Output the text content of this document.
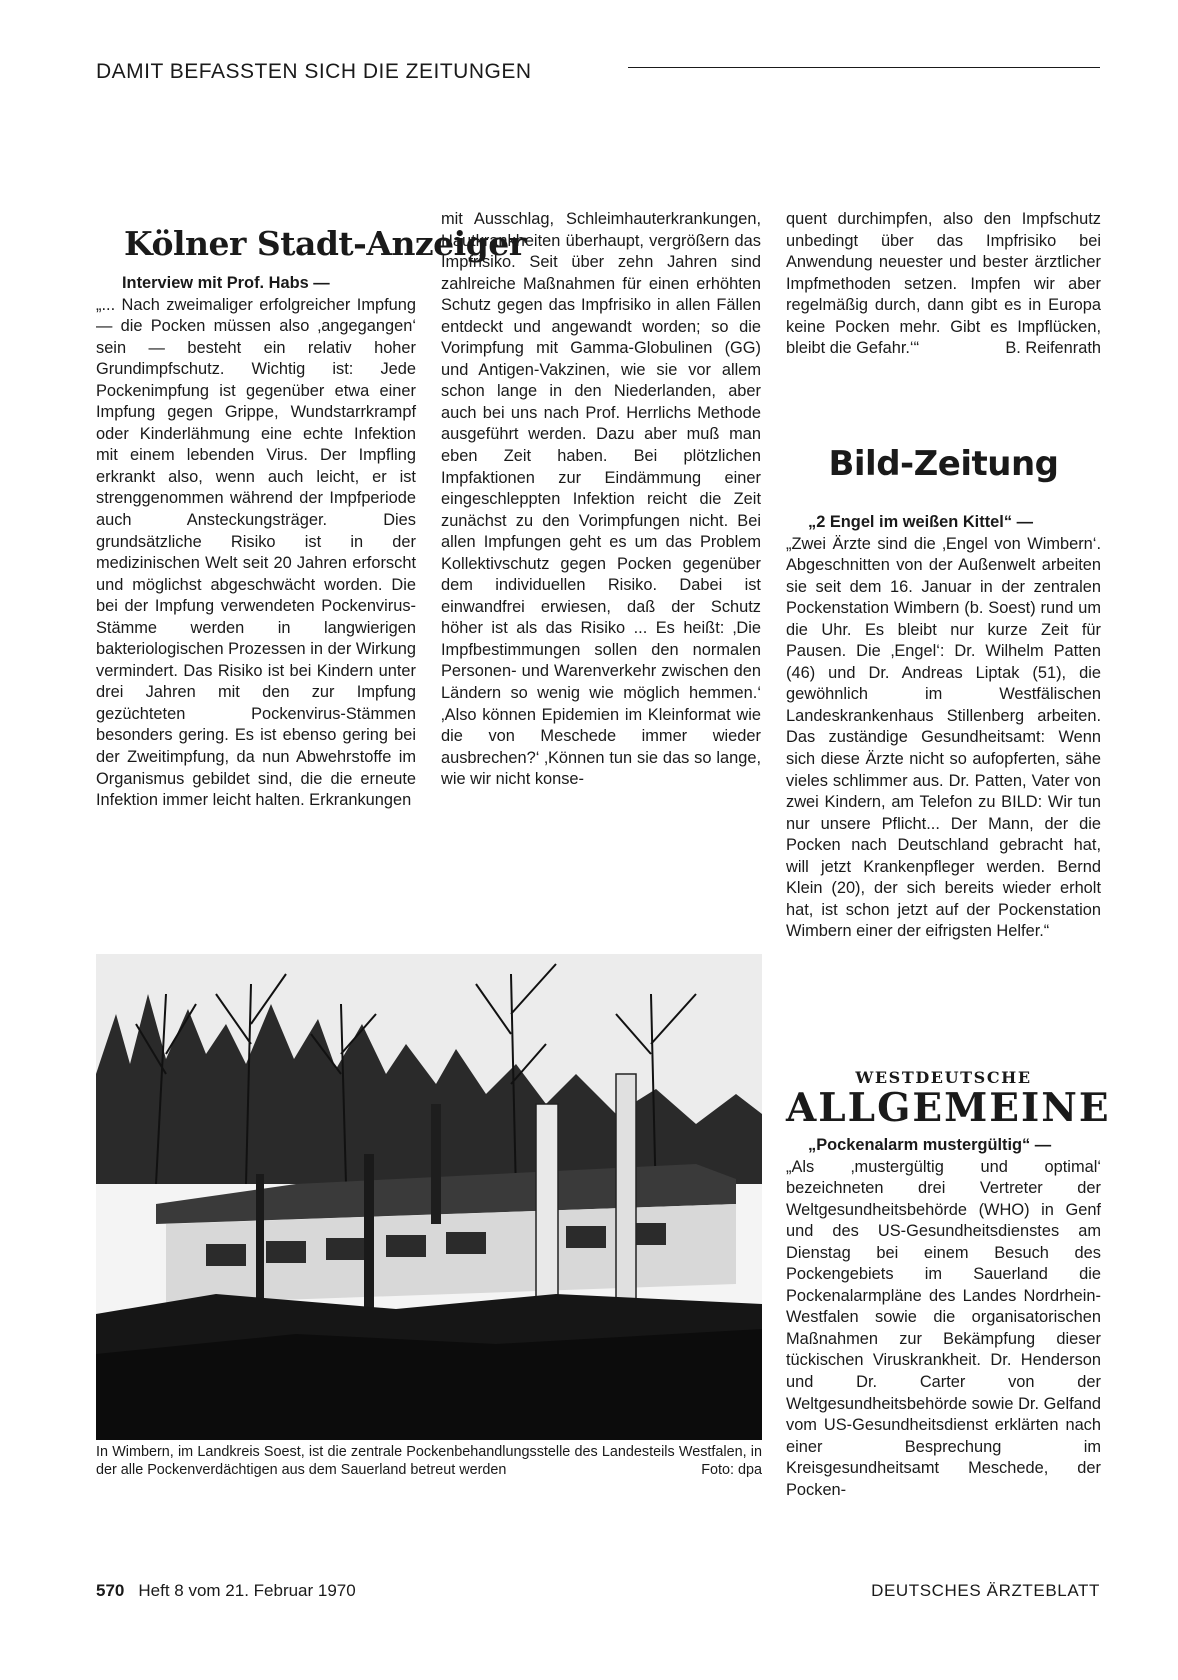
DAMIT BEFASSTEN SICH DIE ZEITUNGEN
Kölner Stadt-Anzeiger

Interview mit Prof. Habs —

„... Nach zweimaliger erfolgreicher Impfung — die Pocken müssen also ‚angegangen‘ sein — besteht ein relativ hoher Grundimpfschutz. Wichtig ist: Jede Pockenimpfung ist gegenüber etwa einer Impfung gegen Grippe, Wundstarrkrampf oder Kinderlähmung eine echte Infektion mit einem lebenden Virus. Der Impfling erkrankt also, wenn auch leicht, er ist strenggenommen während der Impfperiode auch Ansteckungsträger. Dies grundsätzliche Risiko ist in der medizinischen Welt seit 20 Jahren erforscht und möglichst abgeschwächt worden. Die bei der Impfung verwendeten Pockenvirus-Stämme werden in langwierigen bakteriologischen Prozessen in der Wirkung vermindert. Das Risiko ist bei Kindern unter drei Jahren mit den zur Impfung gezüchteten Pockenvirus-Stämmen besonders gering. Es ist ebenso gering bei der Zweitimpfung, da nun Abwehrstoffe im Organismus gebildet sind, die die erneute Infektion immer leicht halten. Erkrankungen

mit Ausschlag, Schleimhauterkrankungen, Hautkrankheiten überhaupt, vergrößern das Impfrisiko. Seit über zehn Jahren sind zahlreiche Maßnahmen für einen erhöhten Schutz gegen das Impfrisiko in allen Fällen entdeckt und angewandt worden; so die Vorimpfung mit Gamma-Globulinen (GG) und Antigen-Vakzinen, wie sie vor allem schon lange in den Niederlanden, aber auch bei uns nach Prof. Herrlichs Methode ausgeführt werden. Dazu aber muß man eben Zeit haben. Bei plötzlichen Impfaktionen zur Eindämmung einer eingeschleppten Infektion reicht die Zeit zunächst zu den Vorimpfungen nicht. Bei allen Impfungen geht es um das Problem Kollektivschutz gegen Pocken gegenüber dem individuellen Risiko. Dabei ist einwandfrei erwiesen, daß der Schutz höher ist als das Risiko ... Es heißt: ‚Die Impfbestimmungen sollen den normalen Personen- und Warenverkehr zwischen den Ländern so wenig wie möglich hemmen.‘ ‚Also können Epidemien im Kleinformat wie die von Meschede immer wieder ausbrechen?‘ ‚Können tun sie das so lange, wie wir nicht konse-

quent durchimpfen, also den Impfschutz unbedingt über das Impfrisiko bei Anwendung neuester und bester ärztlicher Impfmethoden setzen. Impfen wir aber regelmäßig durch, dann gibt es in Europa keine Pocken mehr. Gibt es Impflücken, bleibt die Gefahr.‘“	B. Reifenrath
Bild-Zeitung

„2 Engel im weißen Kittel“ —

„Zwei Ärzte sind die ‚Engel von Wimbern‘. Abgeschnitten von der Außenwelt arbeiten sie seit dem 16. Januar in der zentralen Pockenstation Wimbern (b. Soest) rund um die Uhr. Es bleibt nur kurze Zeit für Pausen. Die ‚Engel‘: Dr. Wilhelm Patten (46) und Dr. Andreas Liptak (51), die gewöhnlich im Westfälischen Landeskrankenhaus Stillenberg arbeiten. Das zuständige Gesundheitsamt: Wenn sich diese Ärzte nicht so aufopferten, sähe vieles schlimmer aus. Dr. Patten, Vater von zwei Kindern, am Telefon zu BILD: Wir tun nur unsere Pflicht... Der Mann, der die Pocken nach Deutschland gebracht hat, will jetzt Krankenpfleger werden. Bernd Klein (20), der sich bereits wieder erholt hat, ist schon jetzt auf der Pockenstation Wimbern einer der eifrigsten Helfer.“

WESTDEUTSCHE
ALLGEMEINE

„Pockenalarm mustergültig“ —

„Als ‚mustergültig und optimal‘ bezeichneten drei Vertreter der Weltgesundheitsbehörde (WHO) in Genf und des US-Gesundheitsdienstes am Dienstag bei einem Besuch des Pockengebiets im Sauerland die Pockenalarmpläne des Landes Nordrhein-Westfalen sowie die organisatorischen Maßnahmen zur Bekämpfung dieser tückischen Viruskrankheit. Dr. Henderson und Dr. Carter von der Weltgesundheitsbehörde sowie Dr. Gelfand vom US-Gesundheitsdienst erklärten nach einer Besprechung im Kreisgesundheitsamt Meschede, der Pocken-

In Wimbern, im Landkreis Soest, ist die zentrale Pockenbehandlungsstelle des Landesteils Westfalen, in der alle Pockenverdächtigen aus dem Sauerland betreut werden	Foto: dpa

570 Heft 8 vom 21. Februar 1970	DEUTSCHES ÄRZTEBLATT
